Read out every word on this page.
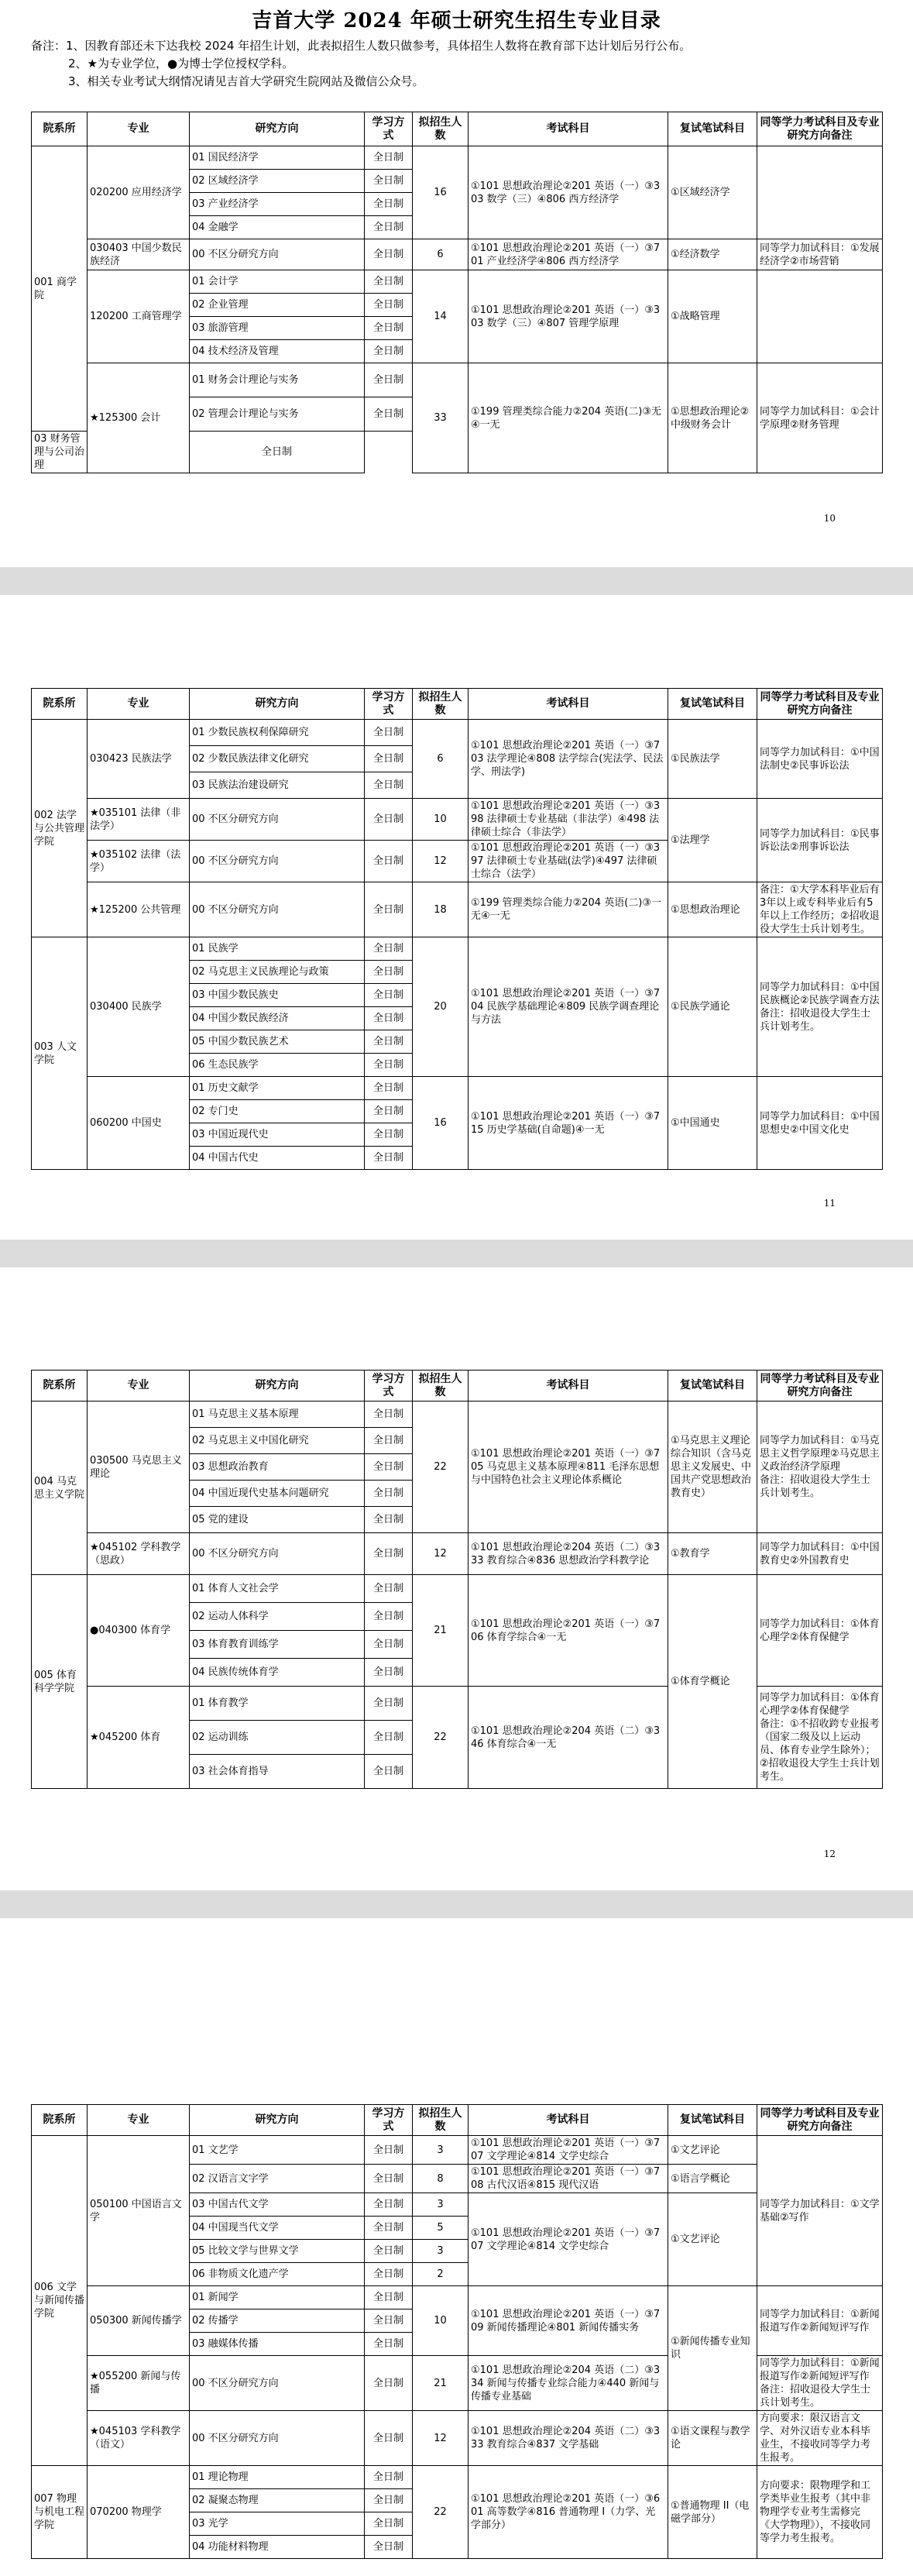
吉首大学 2024 年硕士研究生招生专业目录
备注：1、因教育部还未下达我校 2024 年招生计划，此表拟招生人数只做参考，具体招生人数将在教育部下达计划后另行公布。
2、★为专业学位，●为博士学位授权学科。
3、相关专业考试大纲情况请见吉首大学研究生院网站及微信公众号。
院系所	专业	研究方向	学习方式	拟招生人数	考试科目	复试笔试科目	同等学力考试科目及专业研究方向备注
001 商学院	020200 应用经济学	01 国民经济学	全日制	16	①101 思想政治理论②201 英语（一）③303 数学（三）④806 西方经济学	①区域经济学	
		02 区域经济学	全日制				
		03 产业经济学	全日制				
		04 金融学	全日制				
	030403 中国少数民族经济	00 不区分研究方向	全日制	6	①101 思想政治理论②201 英语（一）③701 产业经济学④806 西方经济学	①经济数学	同等学力加试科目：①发展经济学②市场营销
	120200 工商管理学	01 会计学	全日制	14	①101 思想政治理论②201 英语（一）③303 数学（三）④807 管理学原理	①战略管理	
		02 企业管理	全日制				
		03 旅游管理	全日制				
		04 技术经济及管理	全日制				
	★125300 会计	01 财务会计理论与实务	全日制	33	①199 管理类综合能力②204 英语(二)③无④一无	①思想政治理论②中级财务会计	同等学力加试科目：①会计学原理②财务管理
		02 管理会计理论与实务	全日制				
03 财务管理与公司治理		全日制					
10
院系所	专业	研究方向	学习方式	拟招生人数	考试科目	复试笔试科目	同等学力考试科目及专业研究方向备注
002 法学与公共管理学院	030423 民族法学	01 少数民族权利保障研究	全日制	6	①101 思想政治理论②201 英语（一）③703 法学理论④808 法学综合(宪法学、民法学、刑法学)	①民族法学	同等学力加试科目：①中国法制史②民事诉讼法
		02 少数民族法律文化研究	全日制				
		03 民族法治建设研究	全日制				
	★035101 法律（非法学）	00 不区分研究方向	全日制	10	①101 思想政治理论②201 英语（一）③398 法律硕士专业基础（非法学）④498 法律硕士综合（非法学）	①法理学	同等学力加试科目：①民事诉讼法②刑事诉讼法
	★035102 法律（法学）	00 不区分研究方向	全日制	12	①101 思想政治理论②201 英语（一）③397 法律硕士专业基础(法学)④497 法律硕士综合（法学）		
	★125200 公共管理	00 不区分研究方向	全日制	18	①199 管理类综合能力②204 英语(二)③一无④一无	①思想政治理论	备注：①大学本科毕业后有3年以上或专科毕业后有5年以上工作经历；②招收退役大学生士兵计划考生。
003 人文学院	030400 民族学	01 民族学	全日制	20	①101 思想政治理论②201 英语（一）③704 民族学基础理论④809 民族学调查理论与方法	①民族学通论	同等学力加试科目：①中国民族概论②民族学调查方法
备注：招收退役大学生士兵计划考生。
		02 马克思主义民族理论与政策	全日制				
		03 中国少数民族史	全日制				
		04 中国少数民族经济	全日制				
		05 中国少数民族艺术	全日制				
		06 生态民族学	全日制				
	060200 中国史	01 历史文献学	全日制	16	①101 思想政治理论②201 英语（一）③715 历史学基础(自命题)④一无	①中国通史	同等学力加试科目：①中国思想史②中国文化史
		02 专门史	全日制				
		03 中国近现代史	全日制				
		04 中国古代史	全日制				
11
院系所	专业	研究方向	学习方式	拟招生人数	考试科目	复试笔试科目	同等学力考试科目及专业研究方向备注
004 马克思主义学院	030500 马克思主义理论	01 马克思主义基本原理	全日制	22	①101 思想政治理论②201 英语（一）③705 马克思主义基本原理④811 毛泽东思想与中国特色社会主义理论体系概论	①马克思主义理论综合知识（含马克思主义发展史、中国共产党思想政治教育史）	同等学力加试科目：①马克思主义哲学原理②马克思主义政治经济学原理
备注：招收退役大学生士兵计划考生。
		02 马克思主义中国化研究	全日制				
		03 思想政治教育	全日制				
		04 中国近现代史基本问题研究	全日制				
		05 党的建设	全日制				
	★045102 学科教学（思政）	00 不区分研究方向	全日制	12	①101 思想政治理论②204 英语（二）③333 教育综合④836 思想政治学科教学论	①教育学	同等学力加试科目：①中国教育史②外国教育史
005 体育科学学院	●040300 体育学	01 体育人文社会学	全日制	21	①101 思想政治理论②201 英语（一）③706 体育学综合④一无	①体育学概论	同等学力加试科目：①体育心理学②体育保健学
		02 运动人体科学	全日制				
		03 体育教育训练学	全日制				
		04 民族传统体育学	全日制				
	★045200 体育	01 体育教学	全日制	22	①101 思想政治理论②204 英语（二）③346 体育综合④一无		同等学力加试科目：①体育心理学②体育保健学
备注：①不招收跨专业报考（国家二级及以上运动员、体育专业学生除外）；②招收退役大学生士兵计划考生。
		02 运动训练	全日制				
		03 社会体育指导	全日制				
12
院系所	专业	研究方向	学习方式	拟招生人数	考试科目	复试笔试科目	同等学力考试科目及专业研究方向备注
006 文学与新闻传播学院	050100 中国语言文学	01 文艺学	全日制	3	①101 思想政治理论②201 英语（一）③707 文学理论④814 文学史综合	①文艺评论	同等学力加试科目：①文学基础②写作
		02 汉语言文字学	全日制	8	①101 思想政治理论②201 英语（一）③708 古代汉语④815 现代汉语	①语言学概论	
		03 中国古代文学	全日制	3	①101 思想政治理论②201 英语（一）③707 文学理论④814 文学史综合	①文艺评论	
		04 中国现当代文学	全日制	5			
		05 比较文学与世界文学	全日制	3			
		06 非物质文化遗产学	全日制	2			
	050300 新闻传播学	01 新闻学	全日制	10	①101 思想政治理论②201 英语（一）③709 新闻传播理论④801 新闻传播实务	①新闻传播专业知识	同等学力加试科目：①新闻报道写作②新闻短评写作
		02 传播学	全日制				
		03 融媒体传播	全日制				
	★055200 新闻与传播	00 不区分研究方向	全日制	21	①101 思想政治理论②204 英语（二）③334 新闻与传播专业综合能力④440 新闻与传播专业基础		同等学力加试科目：①新闻报道写作②新闻短评写作
备注：招收退役大学生士兵计划考生。
	★045103 学科教学（语文）	00 不区分研究方向	全日制	12	①101 思想政治理论②204 英语（二）③333 教育综合④837 文学基础	①语文课程与教学论	方向要求：限汉语言文学、对外汉语专业本科毕业生，不接收同等学力考生报考。
007 物理与机电工程学院	070200 物理学	01 理论物理	全日制	22	①101 思想政治理论②201 英语（一）③601 高等数学④816 普通物理 I（力学、光学部分）	①普通物理 II（电磁学部分）	方向要求：限物理学和工学类毕业生报考（其中非物理学专业考生需修完《大学物理》），不接收同等学力考生报考。
		02 凝聚态物理	全日制				
		03 光学	全日制				
		04 功能材料物理	全日制				
